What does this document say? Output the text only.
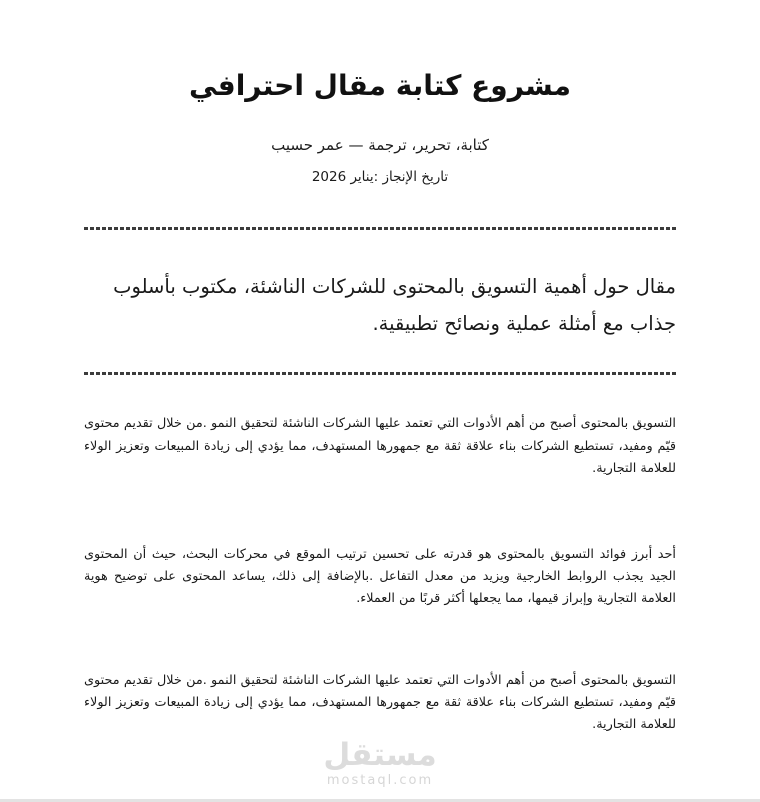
مستقل
mostaql.com
مشروع كتابة مقال احترافي
كتابة، تحرير، ترجمة — عمر حسيب
تاريخ الإنجاز :يناير 2026
مقال حول أهمية التسويق بالمحتوى للشركات الناشئة، مكتوب بأسلوب جذاب مع أمثلة عملية ونصائح تطبيقية.
التسويق بالمحتوى أصبح من أهم الأدوات التي تعتمد عليها الشركات الناشئة لتحقيق النمو .من خلال تقديم محتوى قيّم ومفيد، تستطيع الشركات بناء علاقة ثقة مع جمهورها المستهدف، مما يؤدي إلى زيادة المبيعات وتعزيز الولاء للعلامة التجارية.
أحد أبرز فوائد التسويق بالمحتوى هو قدرته على تحسين ترتيب الموقع في محركات البحث، حيث أن المحتوى الجيد يجذب الروابط الخارجية ويزيد من معدل التفاعل .بالإضافة إلى ذلك، يساعد المحتوى على توضيح هوية العلامة التجارية وإبراز قيمها، مما يجعلها أكثر قربًا من العملاء.
التسويق بالمحتوى أصبح من أهم الأدوات التي تعتمد عليها الشركات الناشئة لتحقيق النمو .من خلال تقديم محتوى قيّم ومفيد، تستطيع الشركات بناء علاقة ثقة مع جمهورها المستهدف، مما يؤدي إلى زيادة المبيعات وتعزيز الولاء للعلامة التجارية.
